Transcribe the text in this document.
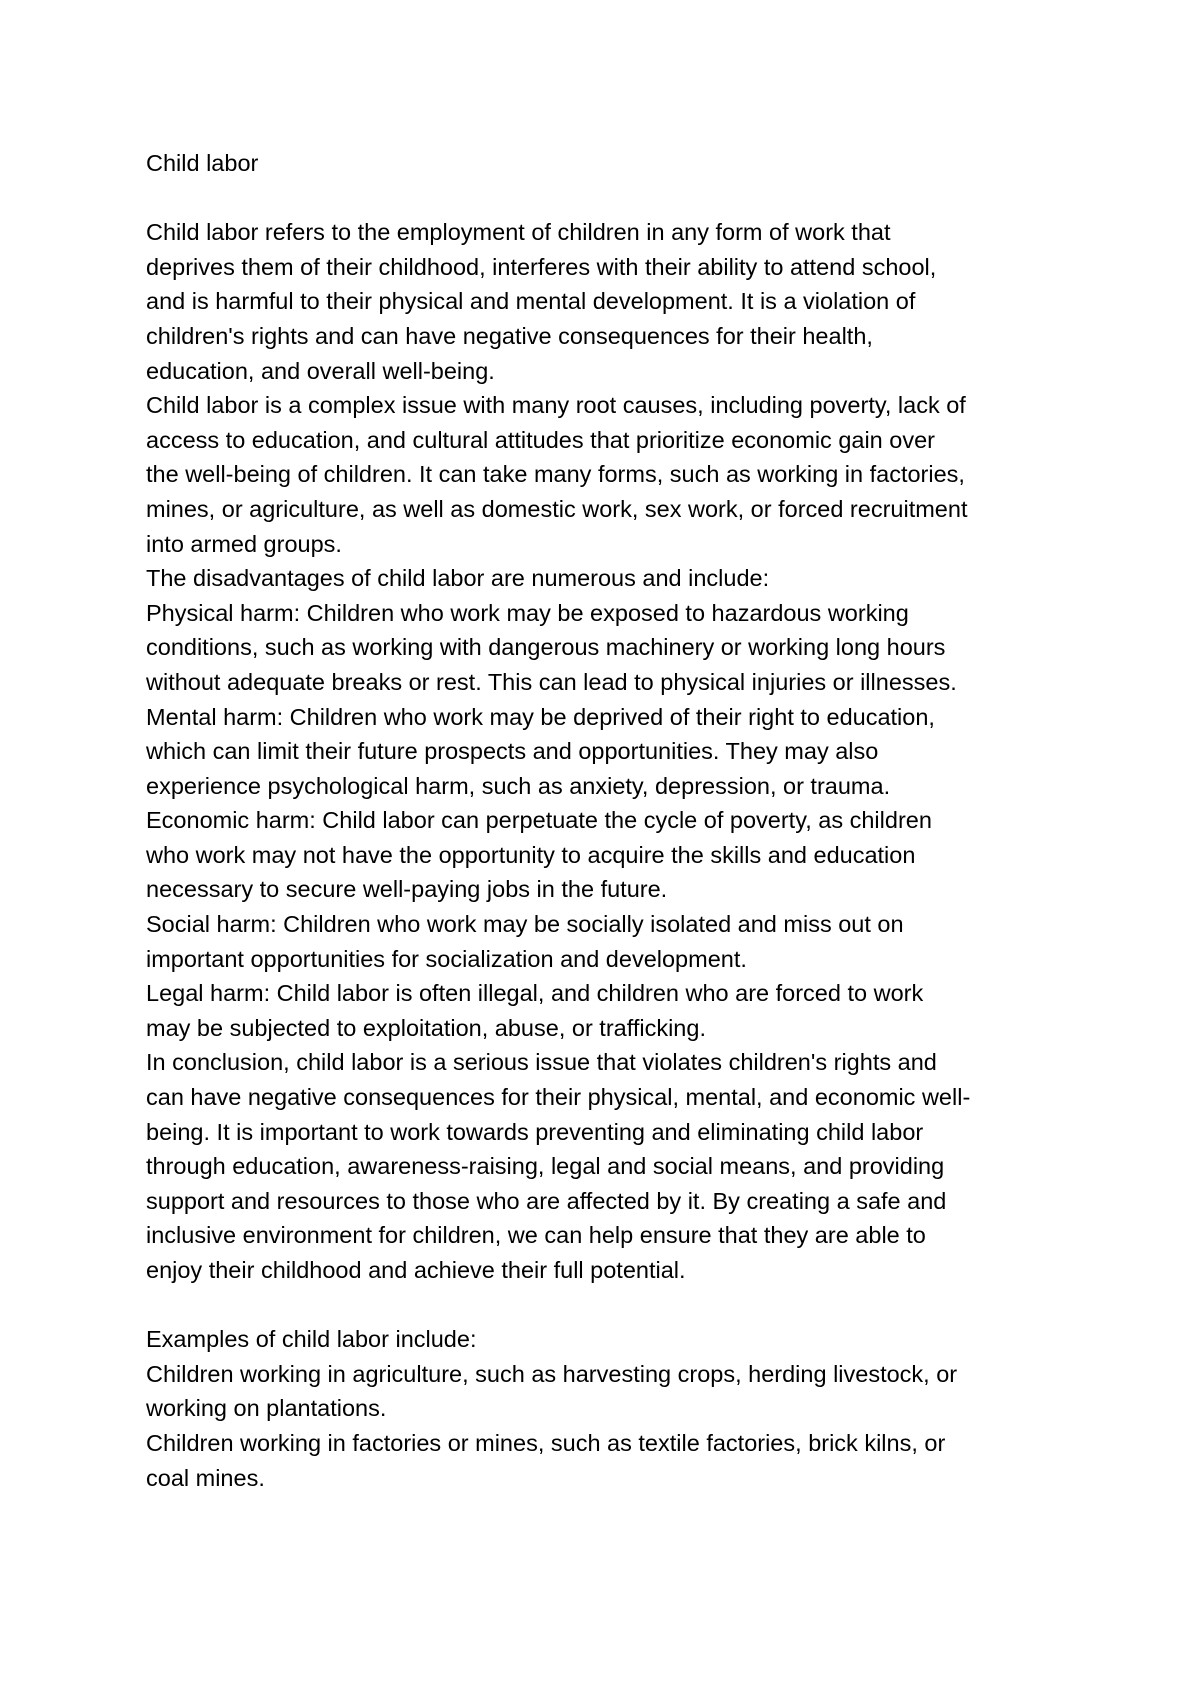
Child labor
Child labor refers to the employment of children in any form of work that
deprives them of their childhood, interferes with their ability to attend school,
and is harmful to their physical and mental development. It is a violation of
children's rights and can have negative consequences for their health,
education, and overall well-being.
Child labor is a complex issue with many root causes, including poverty, lack of
access to education, and cultural attitudes that prioritize economic gain over
the well-being of children. It can take many forms, such as working in factories,
mines, or agriculture, as well as domestic work, sex work, or forced recruitment
into armed groups.
The disadvantages of child labor are numerous and include:
Physical harm: Children who work may be exposed to hazardous working
conditions, such as working with dangerous machinery or working long hours
without adequate breaks or rest. This can lead to physical injuries or illnesses.
Mental harm: Children who work may be deprived of their right to education,
which can limit their future prospects and opportunities. They may also
experience psychological harm, such as anxiety, depression, or trauma.
Economic harm: Child labor can perpetuate the cycle of poverty, as children
who work may not have the opportunity to acquire the skills and education
necessary to secure well-paying jobs in the future.
Social harm: Children who work may be socially isolated and miss out on
important opportunities for socialization and development.
Legal harm: Child labor is often illegal, and children who are forced to work
may be subjected to exploitation, abuse, or trafficking.
In conclusion, child labor is a serious issue that violates children's rights and
can have negative consequences for their physical, mental, and economic well-
being. It is important to work towards preventing and eliminating child labor
through education, awareness-raising, legal and social means, and providing
support and resources to those who are affected by it. By creating a safe and
inclusive environment for children, we can help ensure that they are able to
enjoy their childhood and achieve their full potential.
Examples of child labor include:
Children working in agriculture, such as harvesting crops, herding livestock, or
working on plantations.
Children working in factories or mines, such as textile factories, brick kilns, or
coal mines.
